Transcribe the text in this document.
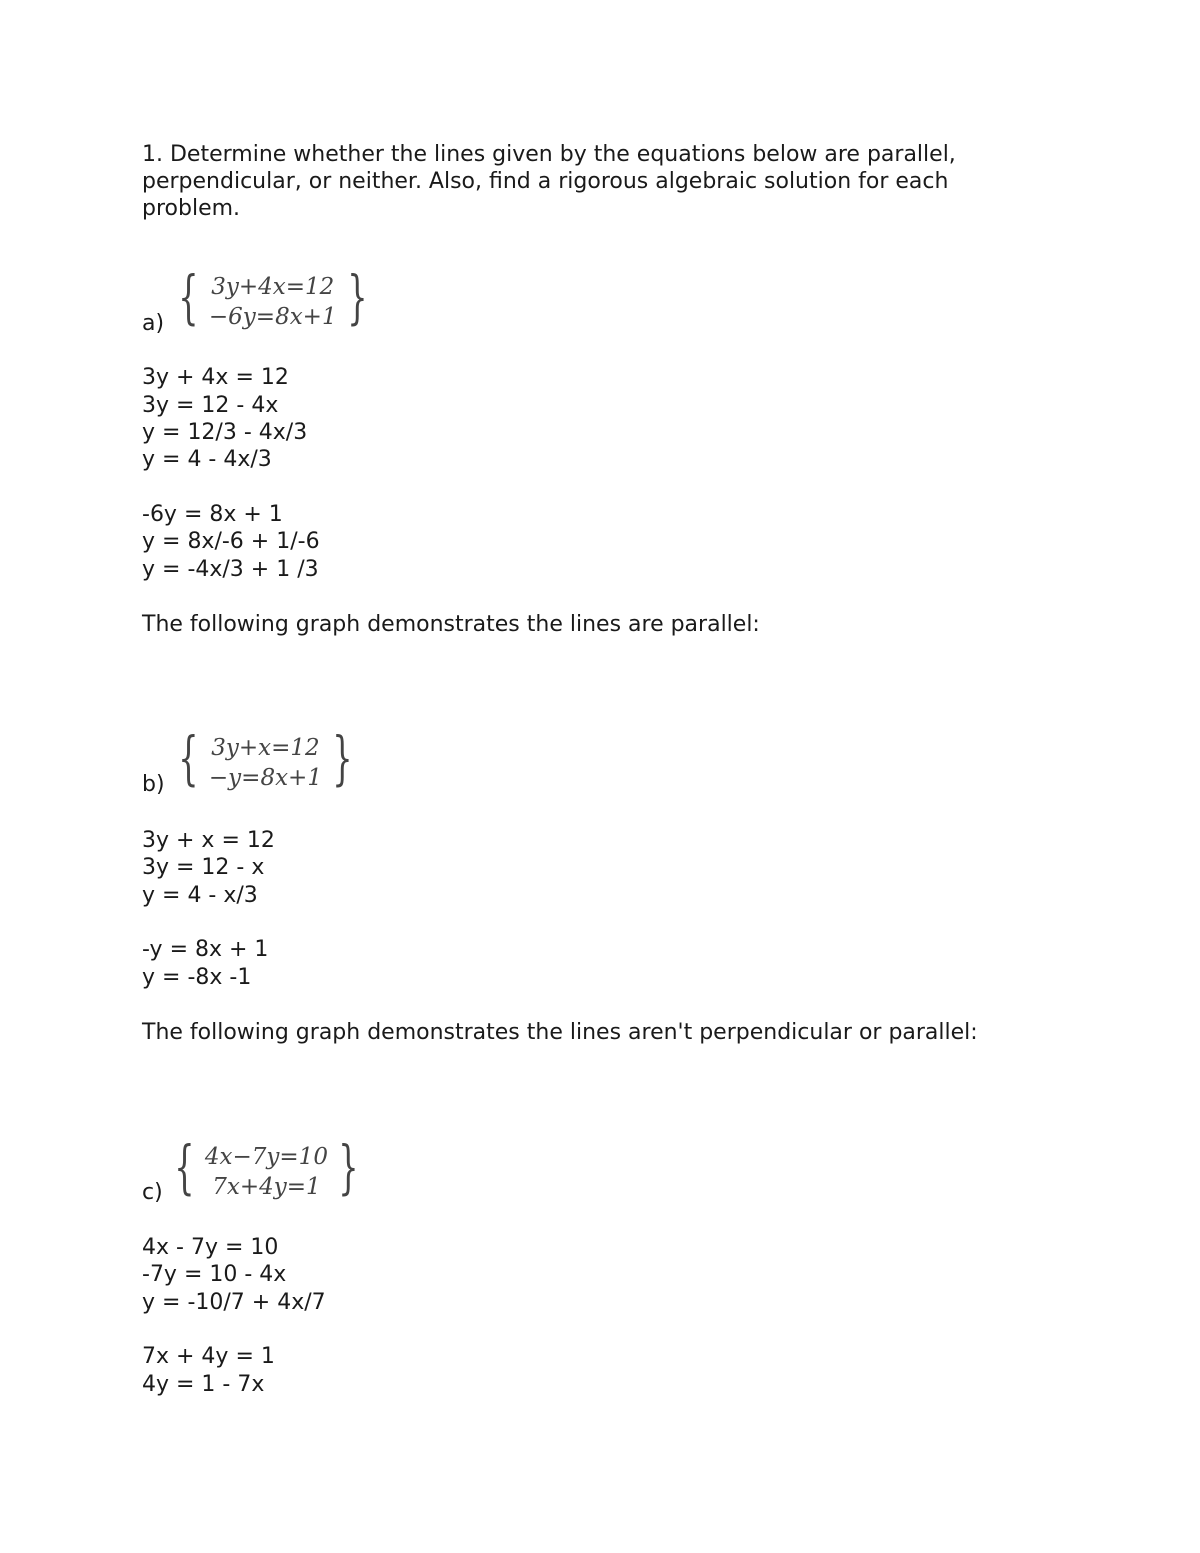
1. Determine whether the lines given by the equations below are parallel, perpendicular, or neither. Also, find a rigorous algebraic solution for each problem.

a) { 3y+4x=12
−6y=8x+1 }
3y + 4x = 12
3y = 12 - 4x
y = 12/3 - 4x/3
y = 4 - 4x/3
-6y = 8x + 1
y = 8x/-6 + 1/-6
y = -4x/3 + 1 /3
The following graph demonstrates the lines are parallel:
b) { 3y+x=12
−y=8x+1 }
3y + x = 12
3y = 12 - x
y = 4 - x/3
-y = 8x + 1
y = -8x -1
The following graph demonstrates the lines aren't perpendicular or parallel:
c) { 4x−7y=10
7x+4y=1 }
4x - 7y = 10
-7y = 10 - 4x
y = -10/7 + 4x/7
7x + 4y = 1
4y = 1 - 7x
